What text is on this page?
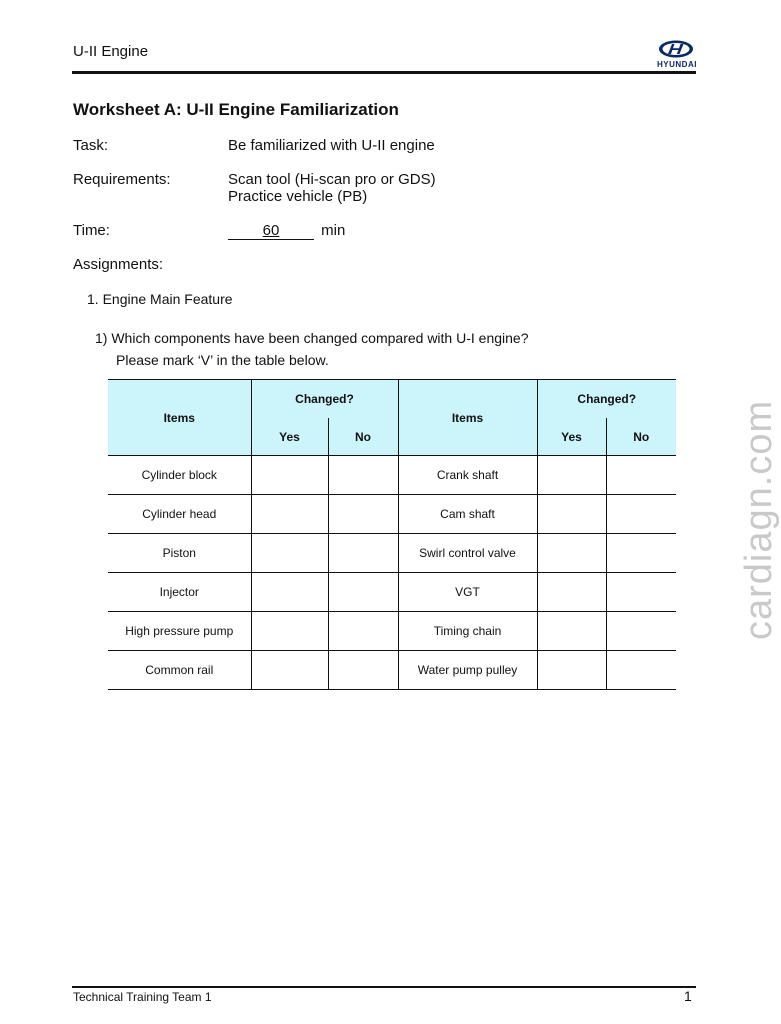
U-II Engine
HYUNDAI
Worksheet A: U-II Engine Familiarization
Task:	Be familiarized with U-II engine
Requirements:	Scan tool (Hi-scan pro or GDS)
Practice vehicle (PB)
Time:	60	min
Assignments:
1. Engine Main Feature
1) Which components have been changed compared with U-I engine?
Please mark ‘V’ in the table below.
Items	Changed?		Items	Changed?	
	Yes	No		Yes	No
Cylinder block			Crank shaft		
Cylinder head			Cam shaft		
Piston			Swirl control valve		
Injector			VGT		
High pressure pump			Timing chain		
Common rail			Water pump pulley		
cardiagn.com
Technical Training Team 1	1
